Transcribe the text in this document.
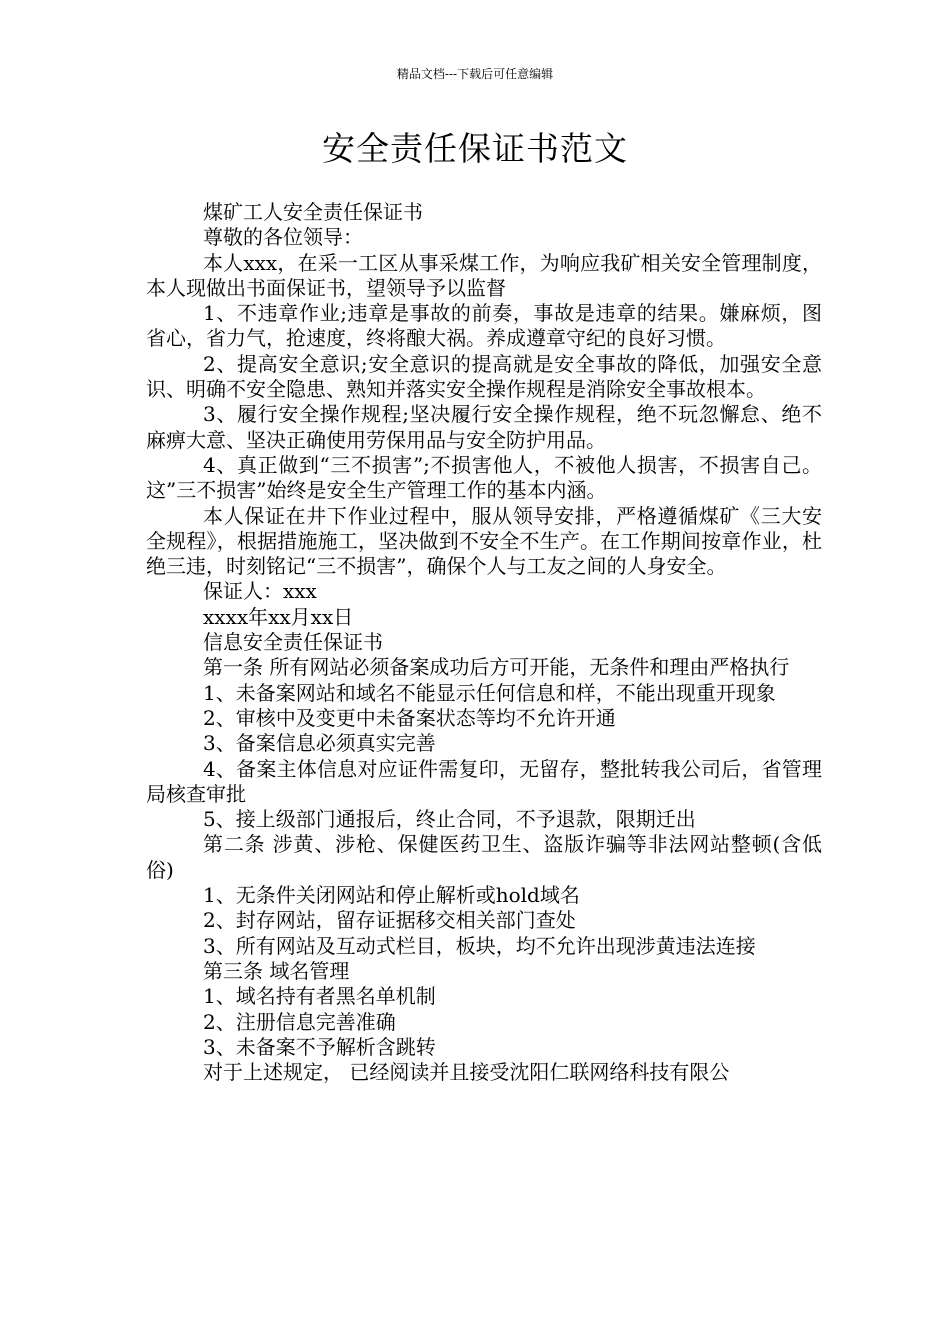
精品文档---下载后可任意编辑
安全责任保证书范文

煤矿工人安全责任保证书

尊敬的各位领导：

本人xxx，在采一工区从事采煤工作，为响应我矿相关安全管理制度，本人现做出书面保证书，望领导予以监督

1、不违章作业;违章是事故的前奏，事故是违章的结果。嫌麻烦，图省心，省力气，抢速度，终将酿大祸。养成遵章守纪的良好习惯。

2、提高安全意识;安全意识的提高就是安全事故的降低，加强安全意识、明确不安全隐患、熟知并落实安全操作规程是消除安全事故根本。

3、履行安全操作规程;坚决履行安全操作规程，绝不玩忽懈怠、绝不麻痹大意、坚决正确使用劳保用品与安全防护用品。

4、真正做到“三不损害”;不损害他人，不被他人损害，不损害自己。这”三不损害”始终是安全生产管理工作的基本内涵。

本人保证在井下作业过程中，服从领导安排，严格遵循煤矿《三大安全规程》，根据措施施工，坚决做到不安全不生产。在工作期间按章作业，杜绝三违，时刻铭记“三不损害”，确保个人与工友之间的人身安全。

保证人：xxx

xxxx年xx月xx日

信息安全责任保证书

第一条 所有网站必须备案成功后方可开能，无条件和理由严格执行

1、未备案网站和域名不能显示任何信息和样，不能出现重开现象

2、审核中及变更中未备案状态等均不允许开通

3、备案信息必须真实完善

4、备案主体信息对应证件需复印，无留存，整批转我公司后，省管理局核查审批

5、接上级部门通报后，终止合同，不予退款，限期迁出

第二条 涉黄、涉枪、保健医药卫生、盗版诈骗等非法网站整顿(含低俗)

1、无条件关闭网站和停止解析或hold域名

2、封存网站，留存证据移交相关部门查处

3、所有网站及互动式栏目，板块，均不允许出现涉黄违法连接

第三条 域名管理

1、域名持有者黑名单机制

2、注册信息完善准确

3、未备案不予解析含跳转

对于上述规定， 已经阅读并且接受沈阳仁联网络科技有限公
